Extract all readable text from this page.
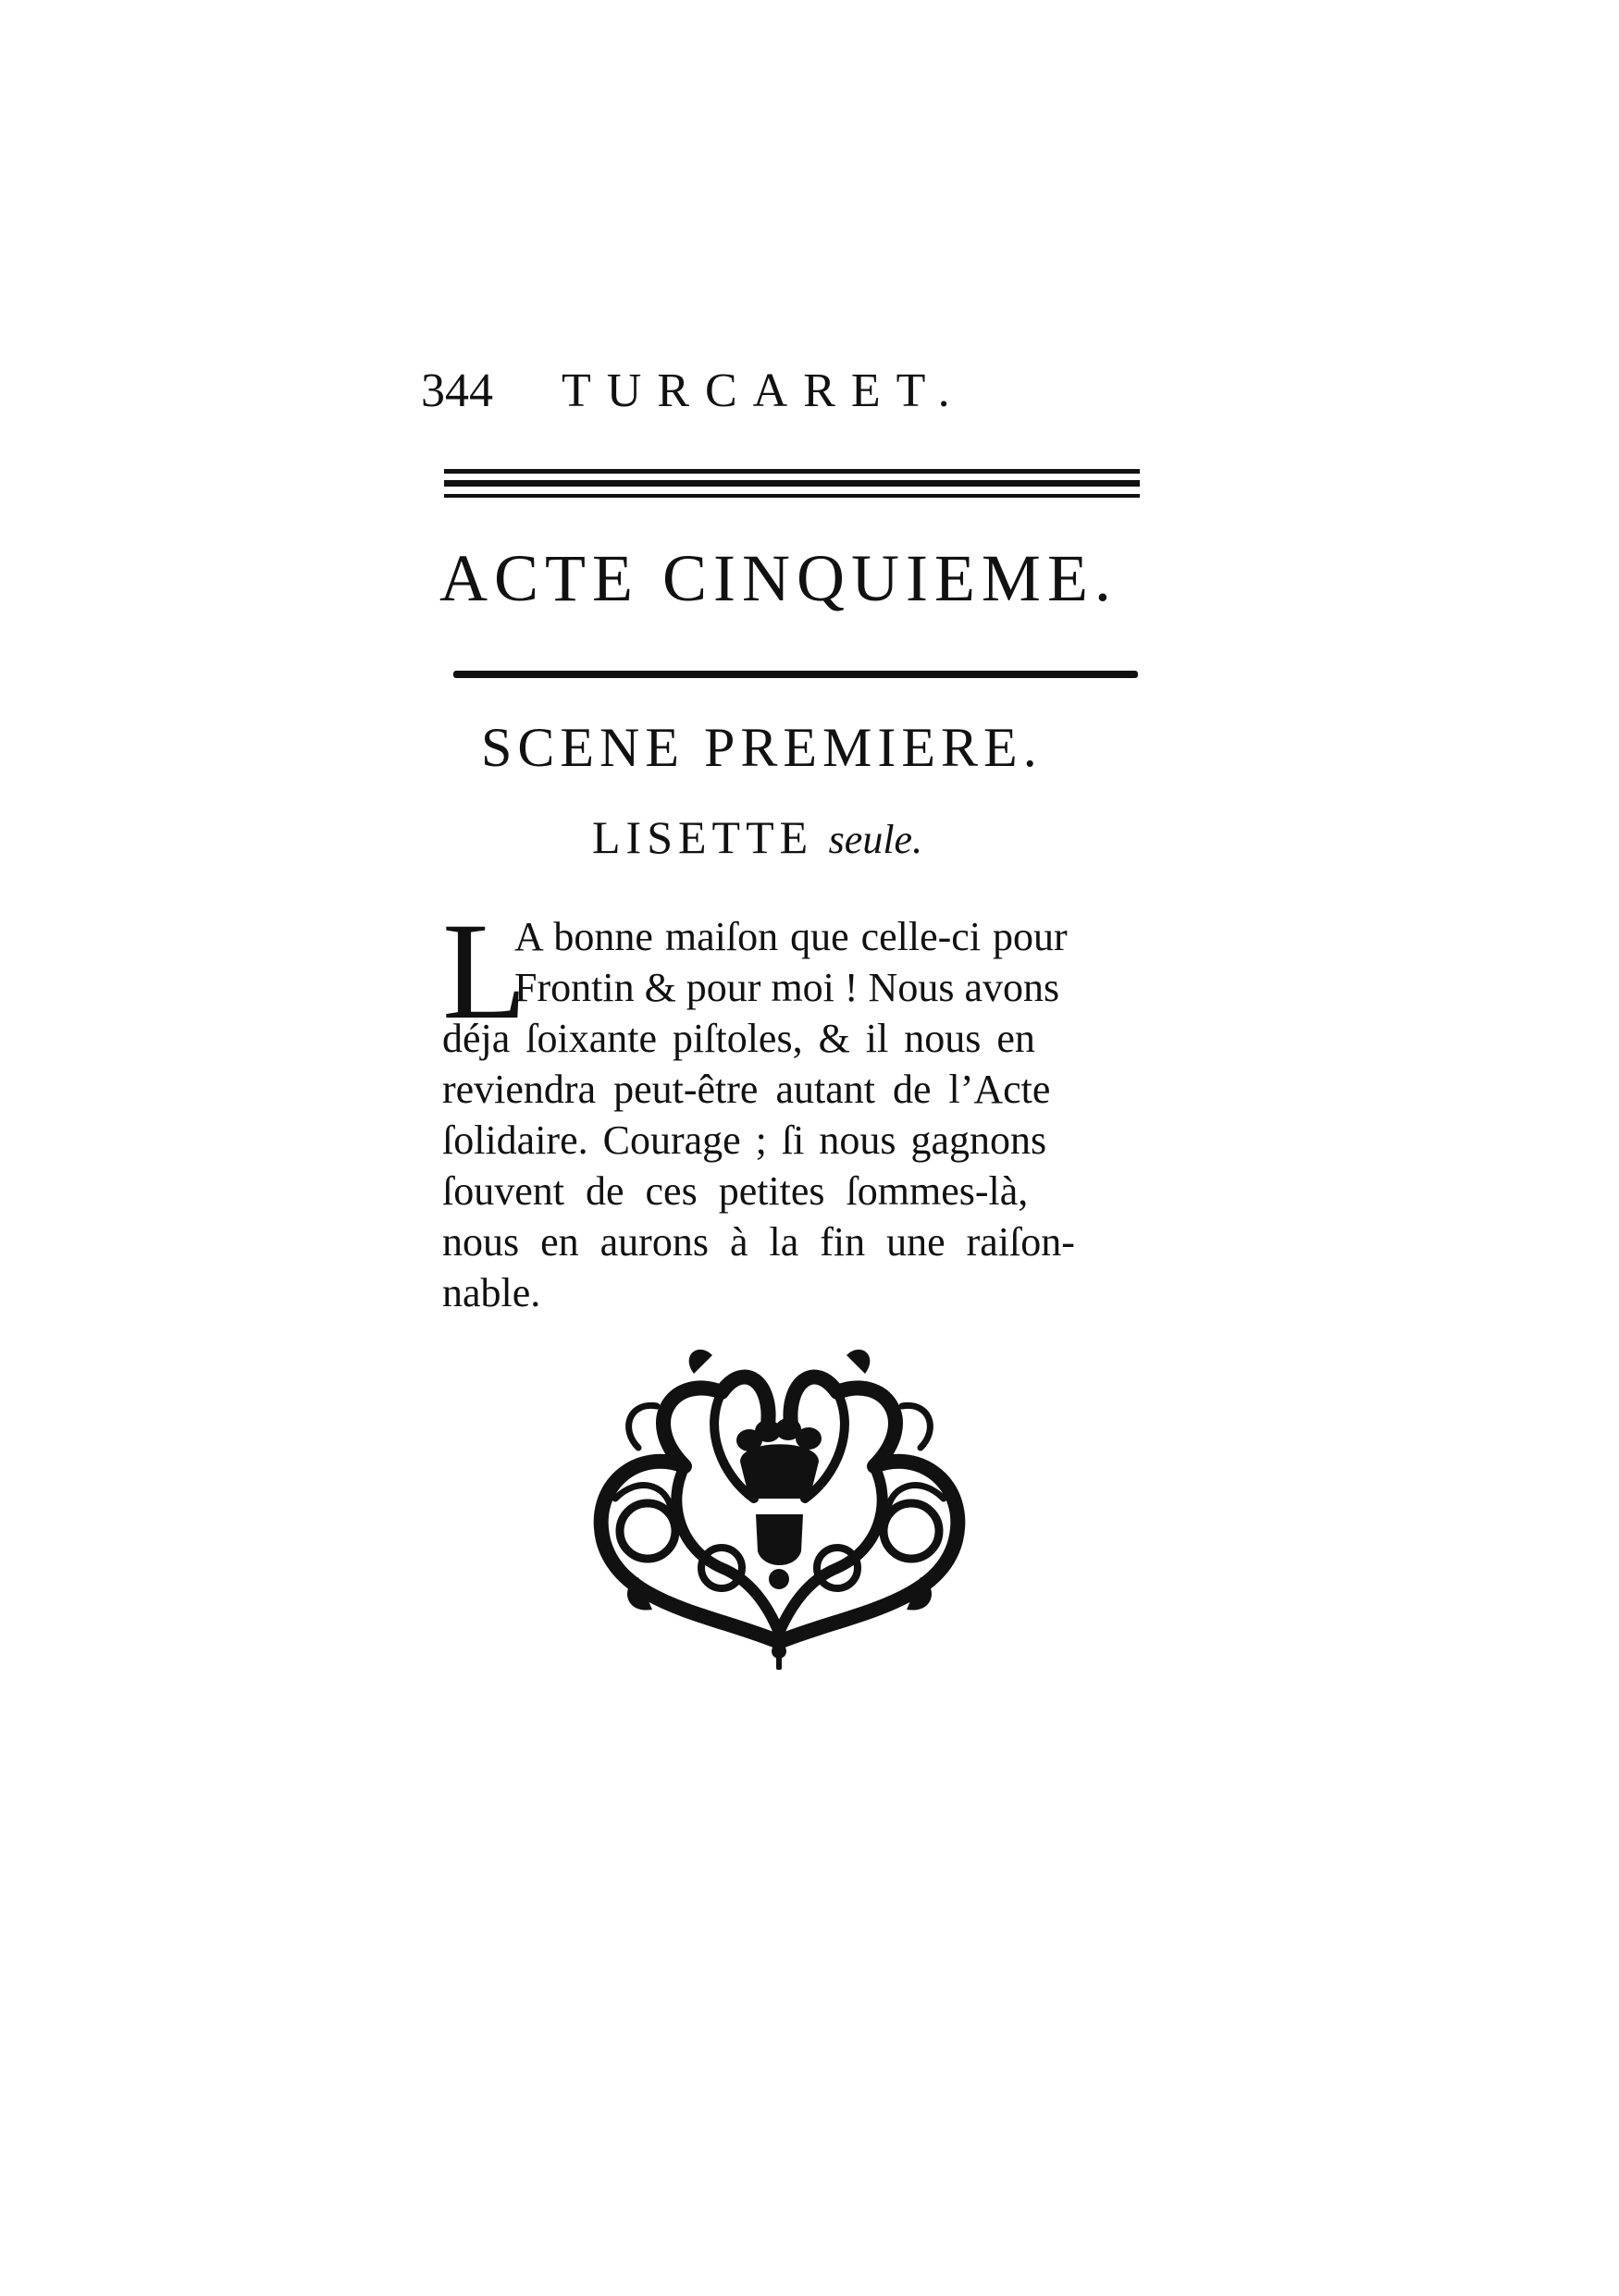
344 TURCARET.
ACTE CINQUIEME.
SCENE PREMIERE.
LISETTE seule.
L
A bonne maiſon que celle-ci pour
Frontin & pour moi ! Nous avons
déja ſoixante piſtoles, & il nous en
reviendra peut-être autant de l’Acte
ſolidaire. Courage ; ſi nous gagnons
ſouvent de ces petites ſommes-là,
nous en aurons à la fin une raiſon-
nable.
